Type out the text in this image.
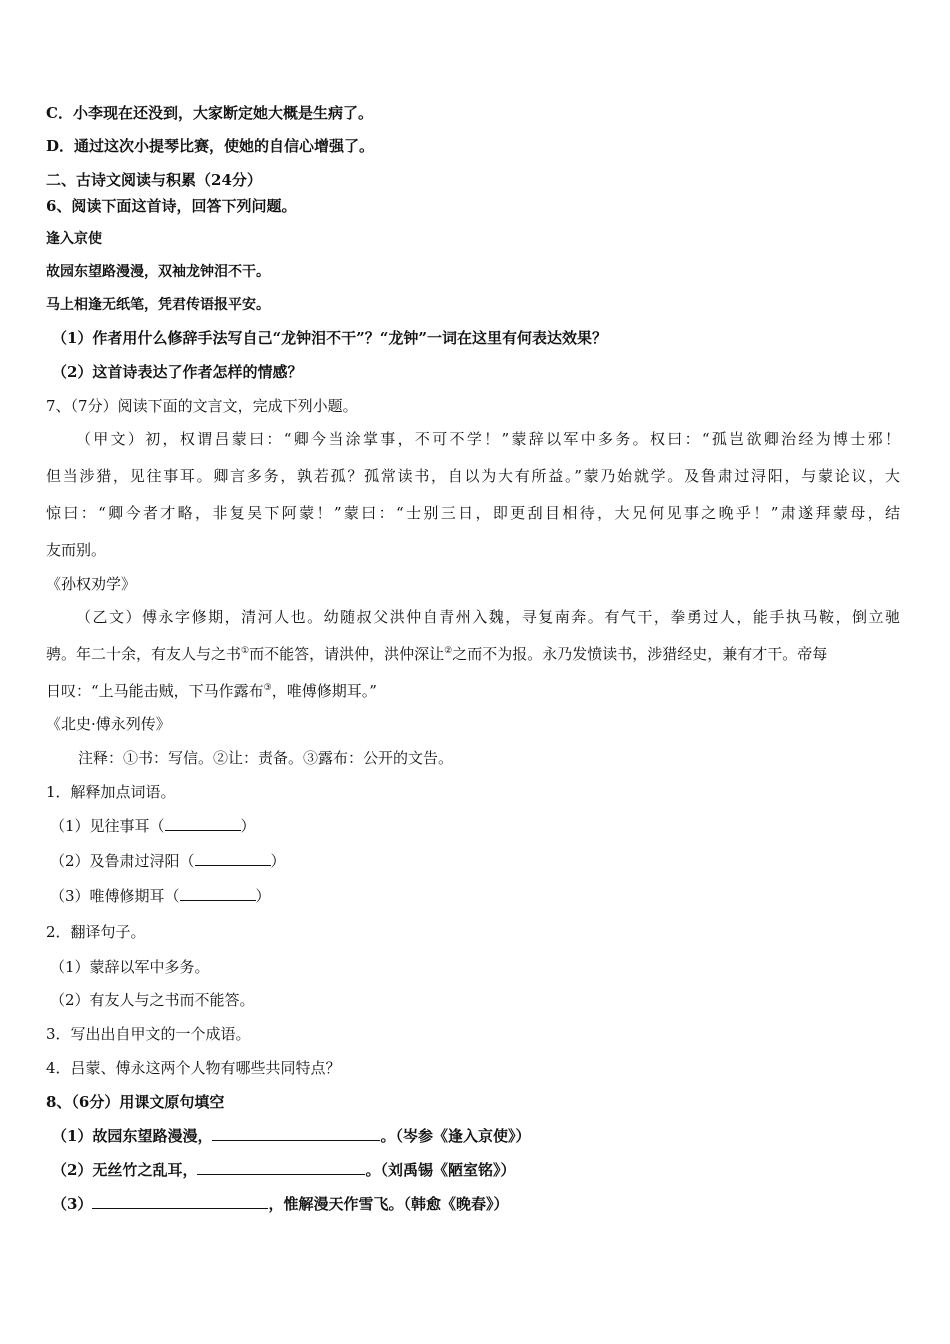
C．小李现在还没到，大家断定她大概是生病了。
D．通过这次小提琴比赛，使她的自信心增强了。
二、古诗文阅读与积累（24分）
6、阅读下面这首诗，回答下列问题。
逢入京使
故园东望路漫漫，双袖龙钟泪不干。
马上相逢无纸笔，凭君传语报平安。
（1）作者用什么修辞手法写自己“龙钟泪不干”？“龙钟”一词在这里有何表达效果？
（2）这首诗表达了作者怎样的情感？
7、（7分）阅读下面的文言文，完成下列小题。
（甲文）初，权谓吕蒙曰：“卿今当涂掌事，不可不学！”蒙辞以军中多务。权曰：“孤岂欲卿治经为博士邪！
但当涉猎，见往事耳。卿言多务，孰若孤？孤常读书，自以为大有所益。”蒙乃始就学。及鲁肃过浔阳，与蒙论议，大
惊曰：“卿今者才略，非复吴下阿蒙！”蒙曰：“士别三日，即更刮目相待，大兄何见事之晚乎！”肃遂拜蒙母，结
友而别。
《孙权劝学》
（乙文）傅永字修期，清河人也。幼随叔父洪仲自青州入魏，寻复南奔。有气干，拳勇过人，能手执马鞍，倒立驰
骋。年二十余，有友人与之书①而不能答，请洪仲，洪仲深让②之而不为报。永乃发愤读书，涉猎经史，兼有才干。帝每
日叹：“上马能击贼，下马作露布③，唯傅修期耳。”
《北史·傅永列传》
注释：①书：写信。②让：责备。③露布：公开的文告。
1．解释加点词语。
（1）见往事耳（	）
（2）及鲁肃过浔阳（	）
（3）唯傅修期耳（	）
2．翻译句子。
（1）蒙辞以军中多务。
（2）有友人与之书而不能答。
3．写出出自甲文的一个成语。
4．吕蒙、傅永这两个人物有哪些共同特点？
8、（6分）用课文原句填空
（1）故园东望路漫漫，	。（岑参《逢入京使》）
（2）无丝竹之乱耳，	。（刘禹锡《陋室铭》）
（3）	，惟解漫天作雪飞。（韩愈《晚春》）
